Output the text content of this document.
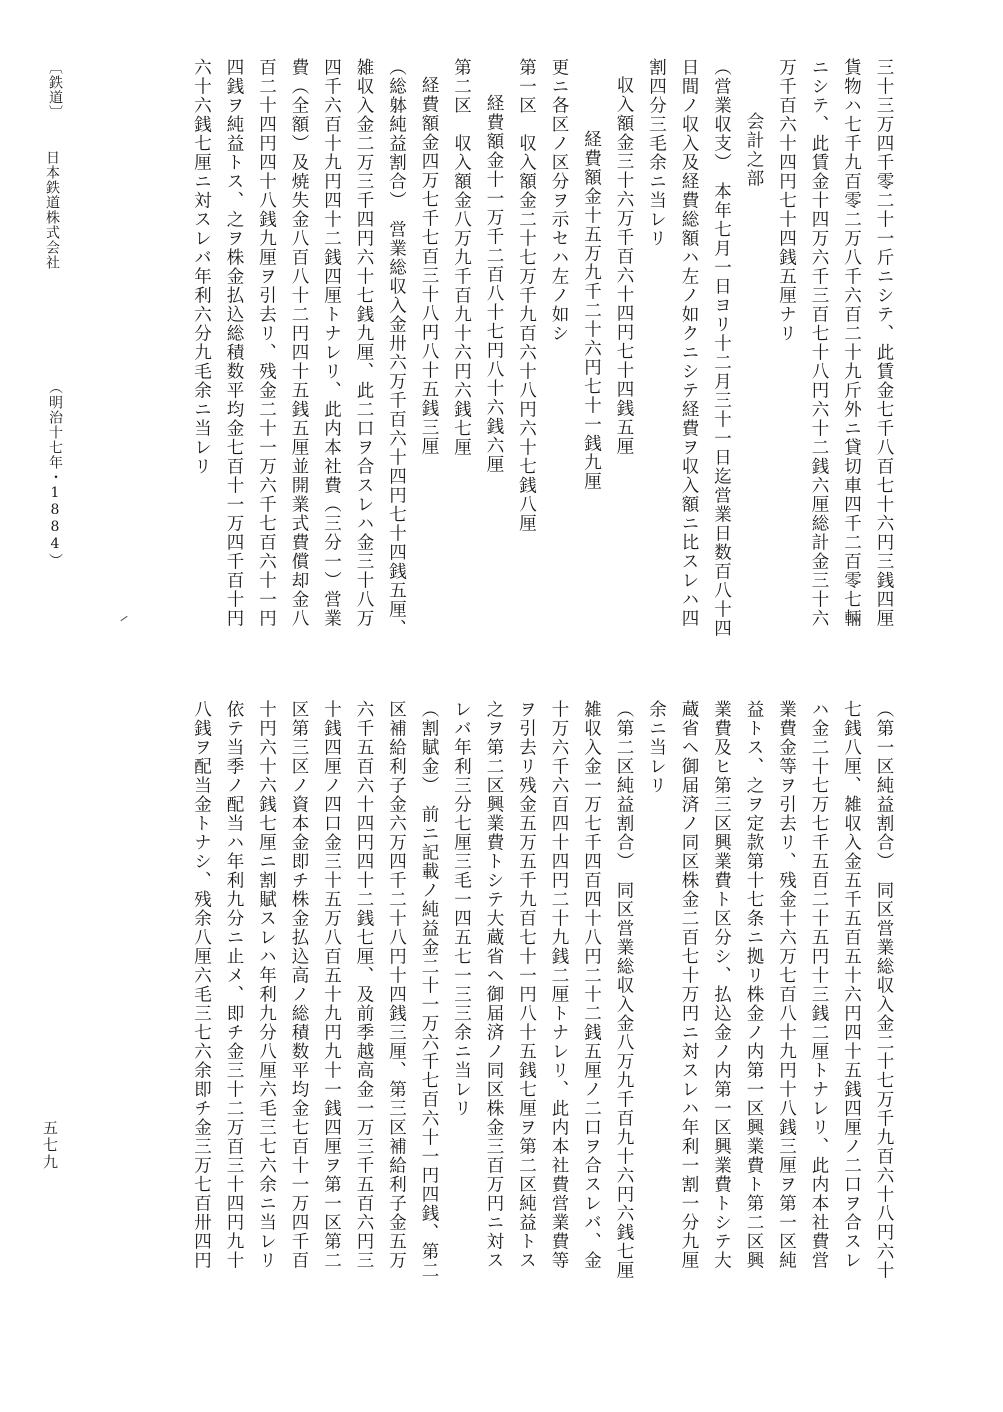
三十三万四千零二十一斤ニシテ、此賃金七千八百七十六円三銭四厘
貨物ハ七千九百零二万八千六百二十九斤外ニ貸切車四千二百零七輛
ニシテ、此賃金十四万六千三百七十八円六十二銭六厘総計金三十六
万千百六十四円七十四銭五厘ナリ
会計之部
（営業収支）　本年七月一日ヨリ十二月三十一日迄営業日数百八十四
日間ノ収入及経費総額ハ左ノ如クニシテ経費ヲ収入額ニ比スレハ四
割四分三毛余ニ当レリ
収入額金三十六万千百六十四円七十四銭五厘
経費額金十五万九千二十六円七十一銭九厘
更ニ各区ノ区分ヲ示セハ左ノ如シ
第一区　収入額金二十七万千九百六十八円六十七銭八厘
経費額金十一万千二百八十七円八十六銭六厘
第二区　収入額金八万九千百九十六円六銭七厘
経費額金四万七千七百三十八円八十五銭三厘
（総躰純益割合）　営業総収入金卅六万千百六十四円七十四銭五厘、
雑収入金二万三千四円六十七銭九厘、此二口ヲ合スレハ金三十八万
四千六百十九円四十二銭四厘トナレリ、此内本社費（三分一）営業
費（全額）及焼失金八百八十二円四十五銭五厘並開業式費償却金八
百二十四円四十八銭九厘ヲ引去リ、残金二十一万六千七百六十一円
四銭ヲ純益トス、之ヲ株金払込総積数平均金七百十一万四千百十円
六十六銭七厘ニ対スレバ年利六分九毛余ニ当レリ
（第一区純益割合）　同区営業総収入金二十七万千九百六十八円六十
七銭八厘、雑収入金五千五百五十六円四十五銭四厘ノ二口ヲ合スレ
ハ金二十七万七千五百二十五円十三銭二厘トナレリ、此内本社費営
業費金等ヲ引去リ、残金十六万七百八十九円十八銭三厘ヲ第一区純
益トス、之ヲ定款第十七条ニ拠リ株金ノ内第一区興業費ト第二区興
業費及ヒ第三区興業費ト区分シ、払込金ノ内第一区興業費トシテ大
蔵省ヘ御届済ノ同区株金二百七十万円ニ対スレハ年利一割一分九厘
余ニ当レリ
（第二区純益割合）　同区営業総収入金八万九千百九十六円六銭七厘
雑収入金一万七千四百四十八円二十二銭五厘ノ二口ヲ合スレバ、金
十万六千六百四十四円二十九銭二厘トナレリ、此内本社費営業費等
ヲ引去リ残金五万五千九百七十一円八十五銭七厘ヲ第二区純益トス
之ヲ第二区興業費トシテ大蔵省ヘ御届済ノ同区株金三百万円ニ対ス
レバ年利三分七厘三毛一四五七一三三余ニ当レリ
（割賦金）　前ニ記載ノ純益金二十一万六千七百六十一円四銭、第二
区補給利子金六万四千二十八円十四銭三厘、第三区補給利子金五万
六千五百六十四円四十二銭七厘、及前季越高金一万三千五百六円三
十銭四厘ノ四口金三十五万八百五十九円九十一銭四厘ヲ第一区第二
区第三区ノ資本金即チ株金払込高ノ総積数平均金七百十一万四千百
十円六十六銭七厘ニ割賦スレハ年利九分八厘六毛三七六余ニ当レリ
依テ当季ノ配当ハ年利九分ニ止メ、即チ金三十二万百三十四円九十
八銭ヲ配当金トナシ、残余八厘六毛三七六余即チ金三万七百卅四円
〔鉄道〕
日本鉄道株式会社
（明治十七年・1884）
五七九
